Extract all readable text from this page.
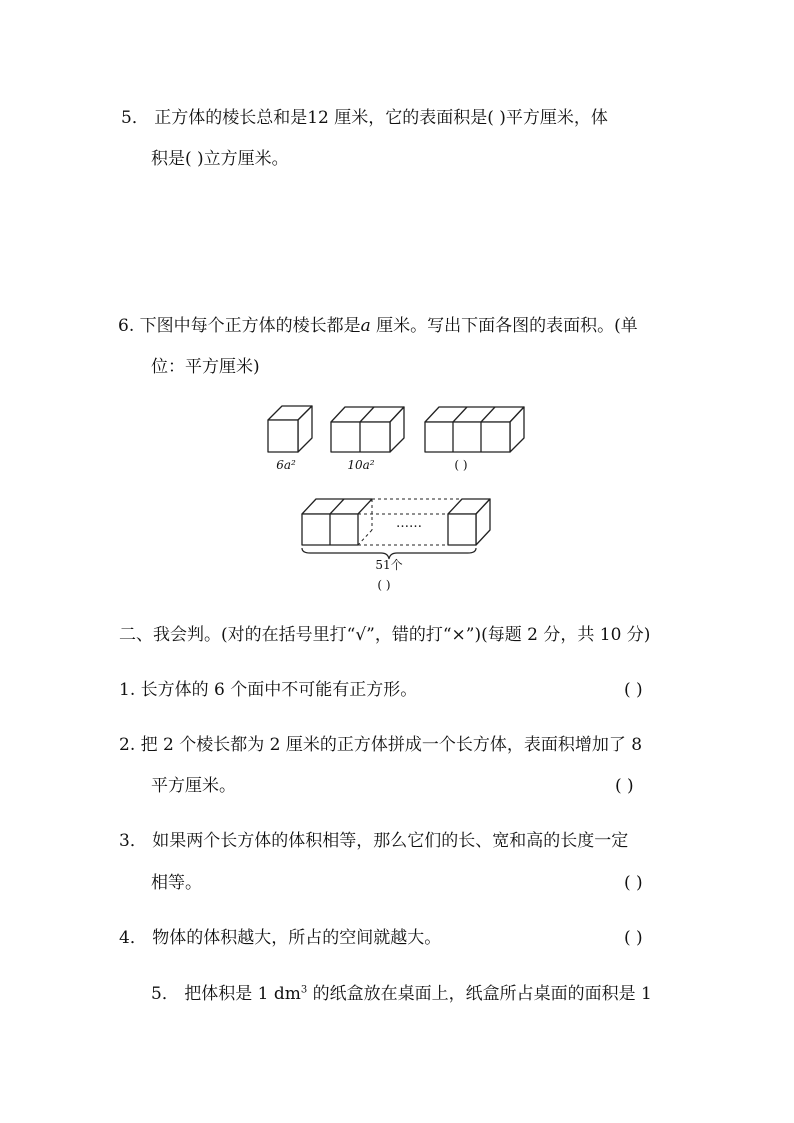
5． 正方体的棱长总和是12 厘米，它的表面积是( )平方厘米，体
积是( )立方厘米。
6. 下图中每个正方体的棱长都是𝑎 厘米。写出下面各图的表面积。(单
位：平方厘米)
6a²	10a²	( )
……
51个
( )
二、我会判。(对的在括号里打“√”，错的打“×”)(每题 2 分，共 10 分)
1. 长方体的 6 个面中不可能有正方形。	( )
2. 把 2 个棱长都为 2 厘米的正方体拼成一个长方体，表面积增加了 8
平方厘米。	( )
3． 如果两个长方体的体积相等，那么它们的长、宽和高的长度一定
相等。	( )
4． 物体的体积越大，所占的空间就越大。	( )
5． 把体积是 1 $dm^3$ 的纸盒放在桌面上，纸盒所占桌面的面积是 1
